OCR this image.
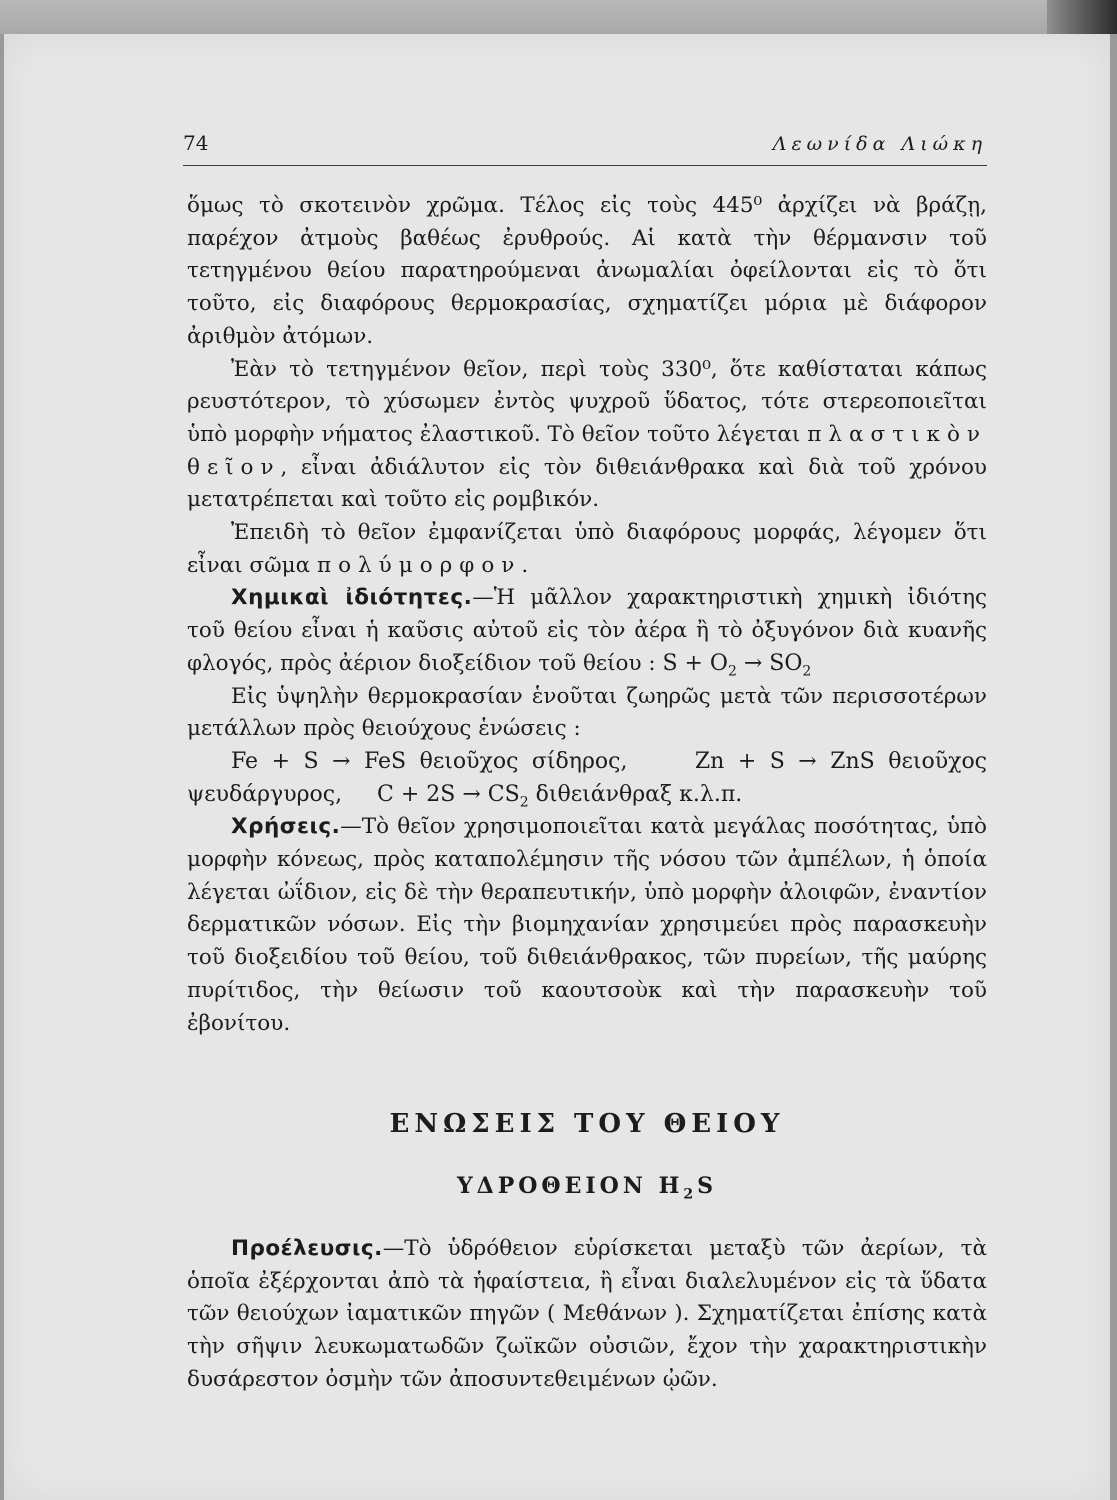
74	Λεωνίδα Λιώκη

ὅμως τὸ σκοτεινὸν χρῶμα. Τέλος εἰς τοὺς 445⁰ ἀρχίζει νὰ βράζῃ, παρέχον ἀτμοὺς βαθέως ἐρυθρούς. Αἱ κατὰ τὴν θέρμανσιν τοῦ τετηγμένου θείου παρατηρούμεναι ἀνωμαλίαι ὀφείλονται εἰς τὸ ὅτι τοῦτο, εἰς διαφόρους θερμοκρασίας, σχηματίζει μόρια μὲ διάφορον ἀριθμὸν ἀτόμων.

Ἐὰν τὸ τετηγμένον θεῖον, περὶ τοὺς 330⁰, ὅτε καθίσταται κάπως ρευστότερον, τὸ χύσωμεν ἐντὸς ψυχροῦ ὕδατος, τότε στερεοποιεῖται ὑπὸ μορφὴν νήματος ἐλαστικοῦ. Τὸ θεῖον τοῦτο λέγεται πλαστικὸν θεῖον, εἶναι ἀδιάλυτον εἰς τὸν διθειάνθρακα καὶ διὰ τοῦ χρόνου μετατρέπεται καὶ τοῦτο εἰς ρομβικόν.

Ἐπειδὴ τὸ θεῖον ἐμφανίζεται ὑπὸ διαφόρους μορφάς, λέγομεν ὅτι εἶναι σῶμα πολύμορφον.

Χημικαὶ ἰδιότητες.—Ἡ μᾶλλον χαρακτηριστικὴ χημικὴ ἰδιότης τοῦ θείου εἶναι ἡ καῦσις αὐτοῦ εἰς τὸν ἀέρα ἢ τὸ ὀξυγόνον διὰ κυανῆς φλογός, πρὸς ἀέριον διοξείδιον τοῦ θείου : $S + O_2 \to SO_2$

Εἰς ὑψηλὴν θερμοκρασίαν ἑνοῦται ζωηρῶς μετὰ τῶν περισσοτέρων μετάλλων πρὸς θειούχους ἑνώσεις :

Fe + S → FeS θειοῦχος σίδηρος,	Zn + S → ZnS θειοῦχος ψευδάργυρος, $C + 2S \to CS_2$ διθειάνθραξ κ.λ.π.

Χρήσεις.—Τὸ θεῖον χρησιμοποιεῖται κατὰ μεγάλας ποσότητας, ὑπὸ μορφὴν κόνεως, πρὸς καταπολέμησιν τῆς νόσου τῶν ἀμπέλων, ἡ ὁποία λέγεται ὠΐδιον, εἰς δὲ τὴν θεραπευτικήν, ὑπὸ μορφὴν ἀλοιφῶν, ἐναντίον δερματικῶν νόσων. Εἰς τὴν βιομηχανίαν χρησιμεύει πρὸς παρασκευὴν τοῦ διοξειδίου τοῦ θείου, τοῦ διθειάνθρακος, τῶν πυρείων, τῆς μαύρης πυρίτιδος, τὴν θείωσιν τοῦ καουτσοὺκ καὶ τὴν παρασκευὴν τοῦ ἐβονίτου.

ΕΝΩΣΕΙΣ ΤΟΥ ΘΕΙΟΥ
ΥΔΡΟΘΕΙΟΝ $H_2S$

Προέλευσις.—Τὸ ὑδρόθειον εὑρίσκεται μεταξὺ τῶν ἀερίων, τὰ ὁποῖα ἐξέρχονται ἀπὸ τὰ ἡφαίστεια, ἢ εἶναι διαλελυμένον εἰς τὰ ὕδατα τῶν θειούχων ἰαματικῶν πηγῶν ( Μεθάνων ). Σχηματίζεται ἐπίσης κατὰ τὴν σῆψιν λευκωματωδῶν ζωϊκῶν οὐσιῶν, ἔχον τὴν χαρακτηριστικὴν δυσάρεστον ὀσμὴν τῶν ἀποσυντεθειμένων ᾠῶν.
